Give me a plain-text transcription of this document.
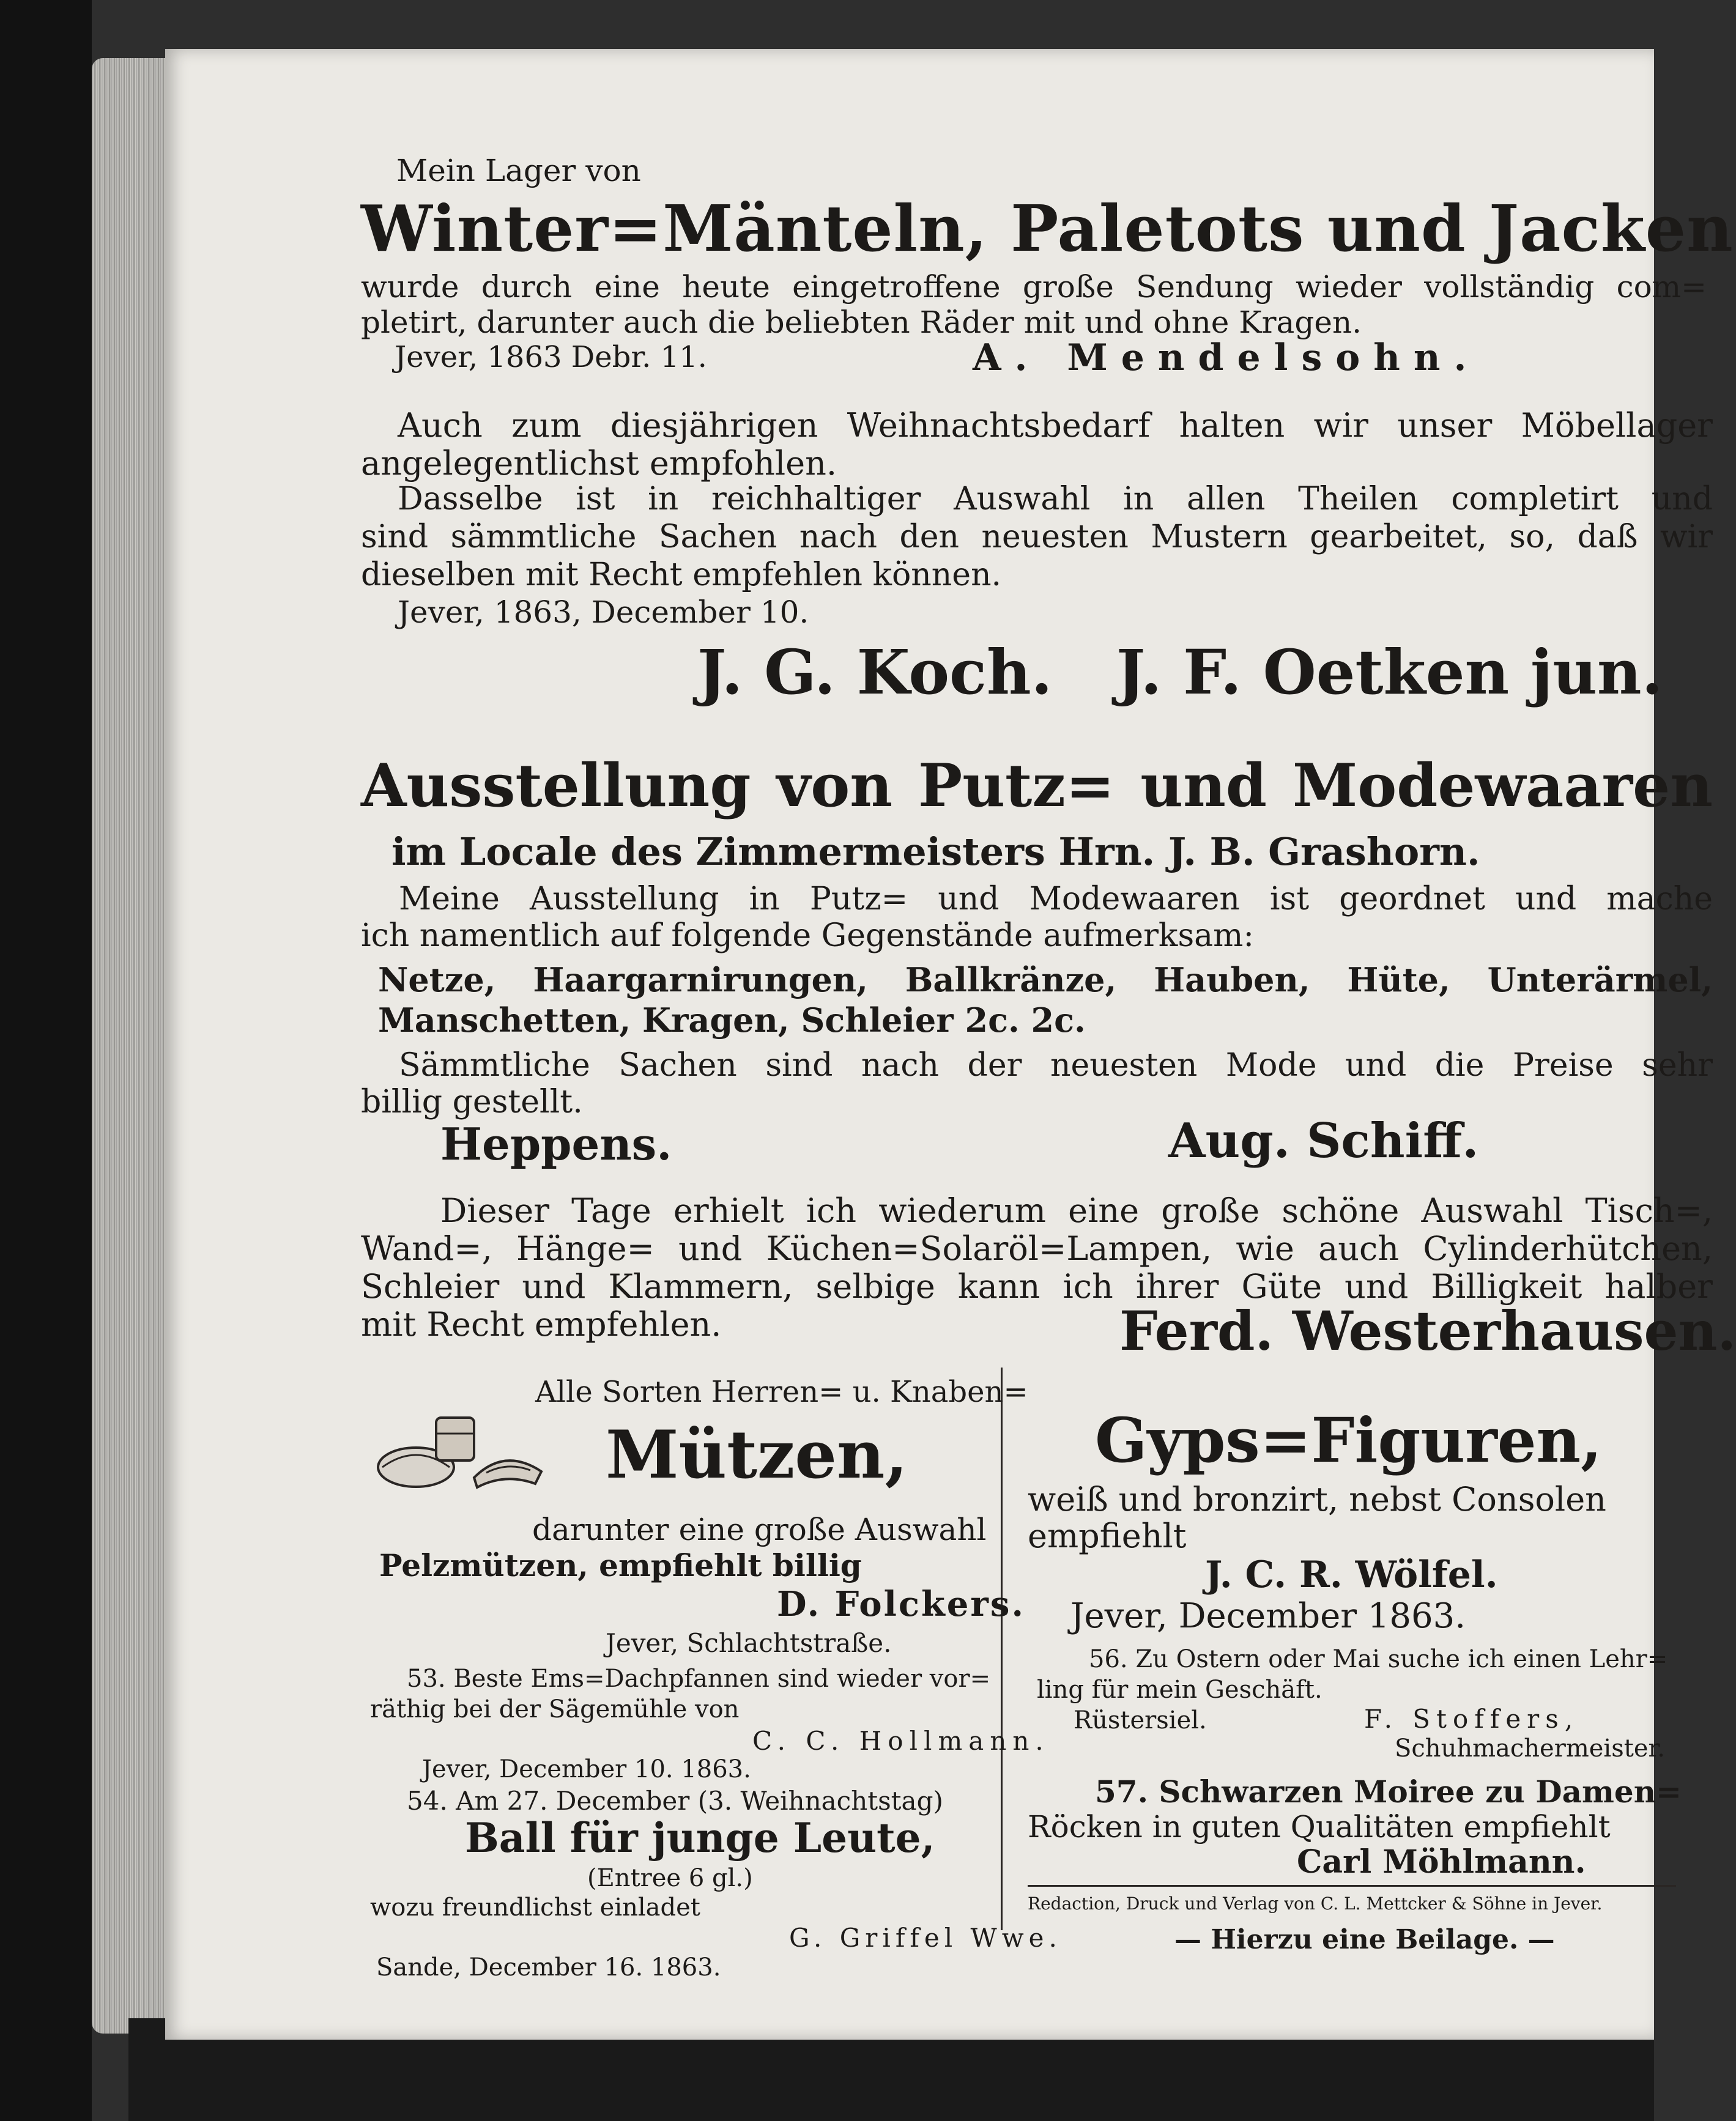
Mein Lager von
Winter=Mänteln, Paletots und Jacken
wurde durch eine heute eingetroffene große Sendung wieder vollständig com=
pletirt, darunter auch die beliebten Räder mit und ohne Kragen.
Jever, 1863 Debr. 11.	A. Mendelsohn.
Auch zum diesjährigen Weihnachtsbedarf halten wir unser Möbellager
angelegentlichst empfohlen.
Dasselbe ist in reichhaltiger Auswahl in allen Theilen completirt und
sind sämmtliche Sachen nach den neuesten Mustern gearbeitet, so, daß wir
dieselben mit Recht empfehlen können.
Jever, 1863, December 10.
J. G. Koch.   J. F. Oetken jun.
Ausstellung von Putz= und Modewaaren
im Locale des Zimmermeisters Hrn. J. B. Grashorn.
Meine Ausstellung in Putz= und Modewaaren ist geordnet und mache
ich namentlich auf folgende Gegenstände aufmerksam:
Netze, Haargarnirungen, Ballkränze, Hauben, Hüte, Unterärmel,
Manschetten, Kragen, Schleier 2c. 2c.
Sämmtliche Sachen sind nach der neuesten Mode und die Preise sehr
billig gestellt.
Heppens.	Aug. Schiff.
Dieser Tage erhielt ich wiederum eine große schöne Auswahl Tisch=,
Wand=, Hänge= und Küchen=Solaröl=Lampen, wie auch Cylinderhütchen,
Schleier und Klammern, selbige kann ich ihrer Güte und Billigkeit halber
mit Recht empfehlen.	Ferd. Westerhausen.
Alle Sorten Herren= u. Knaben=
Mützen,
darunter eine große Auswahl
Pelzmützen, empfiehlt billig
D. Folckers.
Jever, Schlachtstraße.
53. Beste Ems=Dachpfannen sind wieder vor=
räthig bei der Sägemühle von
C. C. Hollmann.
Jever, December 10. 1863.
54. Am 27. December (3. Weihnachtstag)
Ball für junge Leute,
(Entree 6 gl.)
wozu freundlichst einladet
G. Griffel Wwe.
Sande, December 16. 1863.
Gyps=Figuren,
weiß und bronzirt, nebst Consolen
empfiehlt
J. C. R. Wölfel.
Jever, December 1863.
56. Zu Ostern oder Mai suche ich einen Lehr=
ling für mein Geschäft.
Rüstersiel.	F. Stoffers,
Schuhmachermeister.
57. Schwarzen Moiree zu Damen=
Röcken in guten Qualitäten empfiehlt
Carl Möhlmann.
Redaction, Druck und Verlag von C. L. Mettcker & Söhne in Jever.
— Hierzu eine Beilage. —
